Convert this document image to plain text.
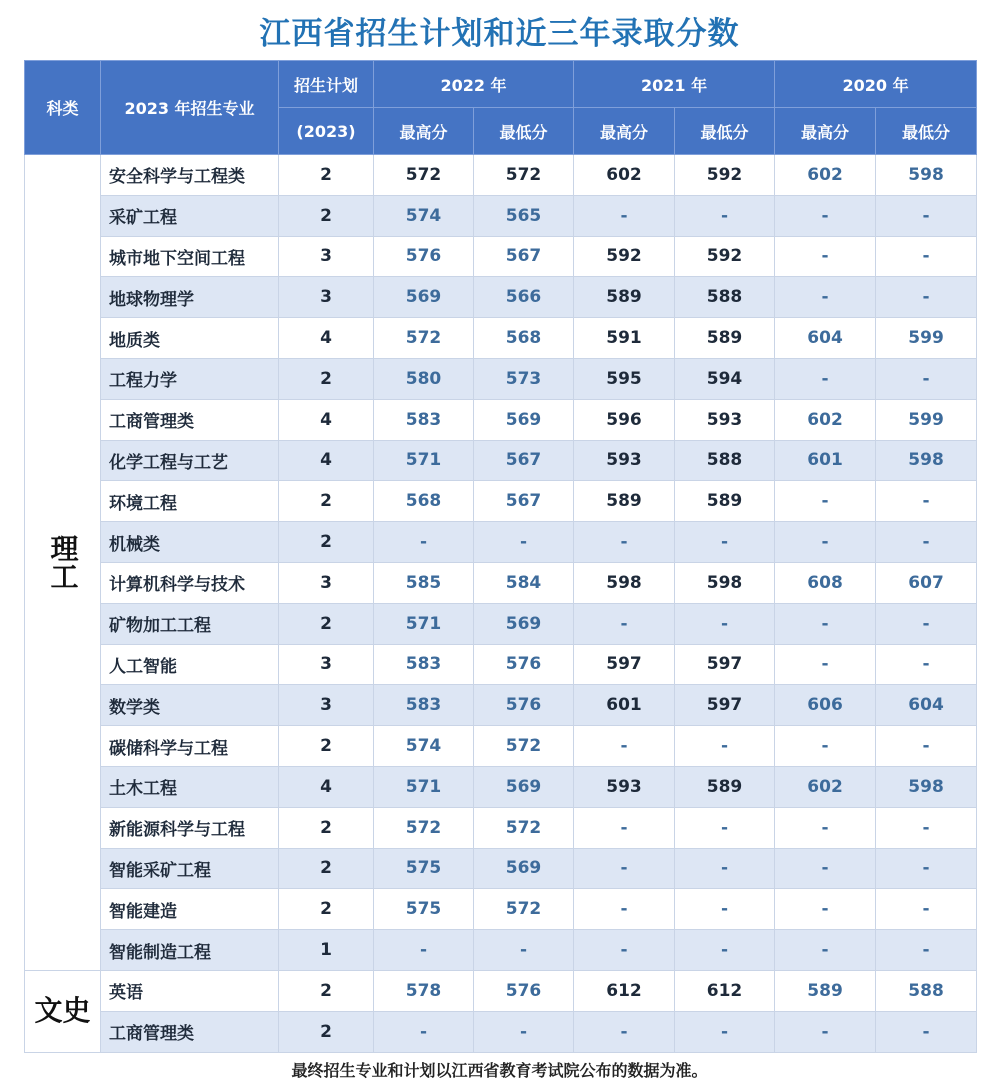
江西省招生计划和近三年录取分数
科类	2023 年招生专业	招生计划	2022 年		2021 年		2020 年	
		(2023)	最高分	最低分	最高分	最低分	最高分	最低分
理工	安全科学与工程类	2	572	572	602	592	602	598
	采矿工程	2	574	565	-	-	-	-
	城市地下空间工程	3	576	567	592	592	-	-
	地球物理学	3	569	566	589	588	-	-
	地质类	4	572	568	591	589	604	599
	工程力学	2	580	573	595	594	-	-
	工商管理类	4	583	569	596	593	602	599
	化学工程与工艺	4	571	567	593	588	601	598
	环境工程	2	568	567	589	589	-	-
	机械类	2	-	-	-	-	-	-
	计算机科学与技术	3	585	584	598	598	608	607
	矿物加工工程	2	571	569	-	-	-	-
	人工智能	3	583	576	597	597	-	-
	数学类	3	583	576	601	597	606	604
	碳储科学与工程	2	574	572	-	-	-	-
	土木工程	4	571	569	593	589	602	598
	新能源科学与工程	2	572	572	-	-	-	-
	智能采矿工程	2	575	569	-	-	-	-
	智能建造	2	575	572	-	-	-	-
	智能制造工程	1	-	-	-	-	-	-
文史	英语	2	578	576	612	612	589	588
	工商管理类	2	-	-	-	-	-	-
最终招生专业和计划以江西省教育考试院公布的数据为准。
